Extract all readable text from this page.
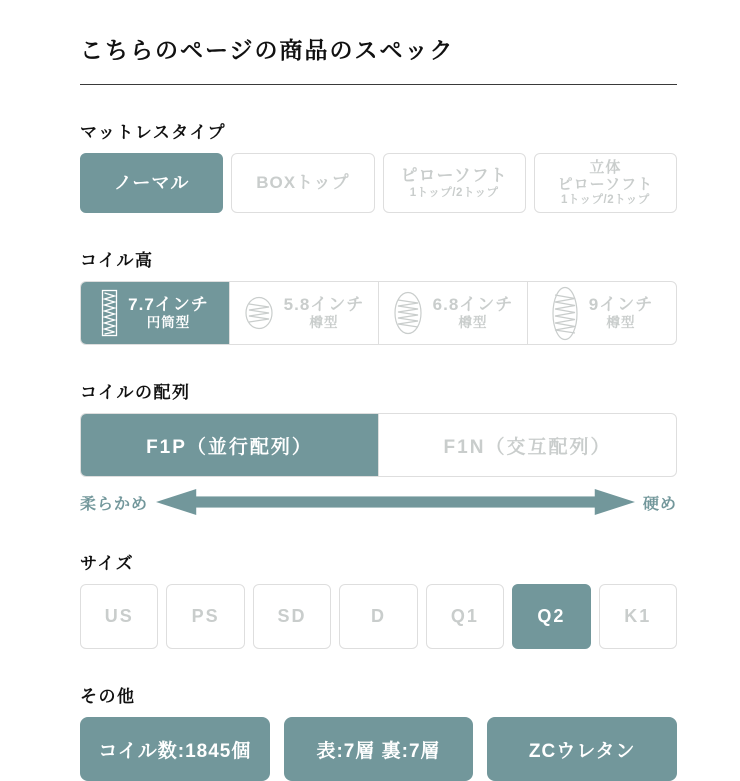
こちらのページの商品のスペック
マットレスタイプ
ノーマル	BOXトップ	ピローソフト
1トップ/2トップ
立体
ピローソフト
1トップ/2トップ
コイル高
7.7インチ
円筒型
5.8インチ
樽型
6.8インチ
樽型
9インチ
樽型
コイルの配列
F1P（並行配列）	F1N（交互配列）
柔らかめ	硬め
サイズ
US	PS	SD	D	Q1	Q2	K1
その他
コイル数:1845個	表:7層 裏:7層	ZCウレタン
